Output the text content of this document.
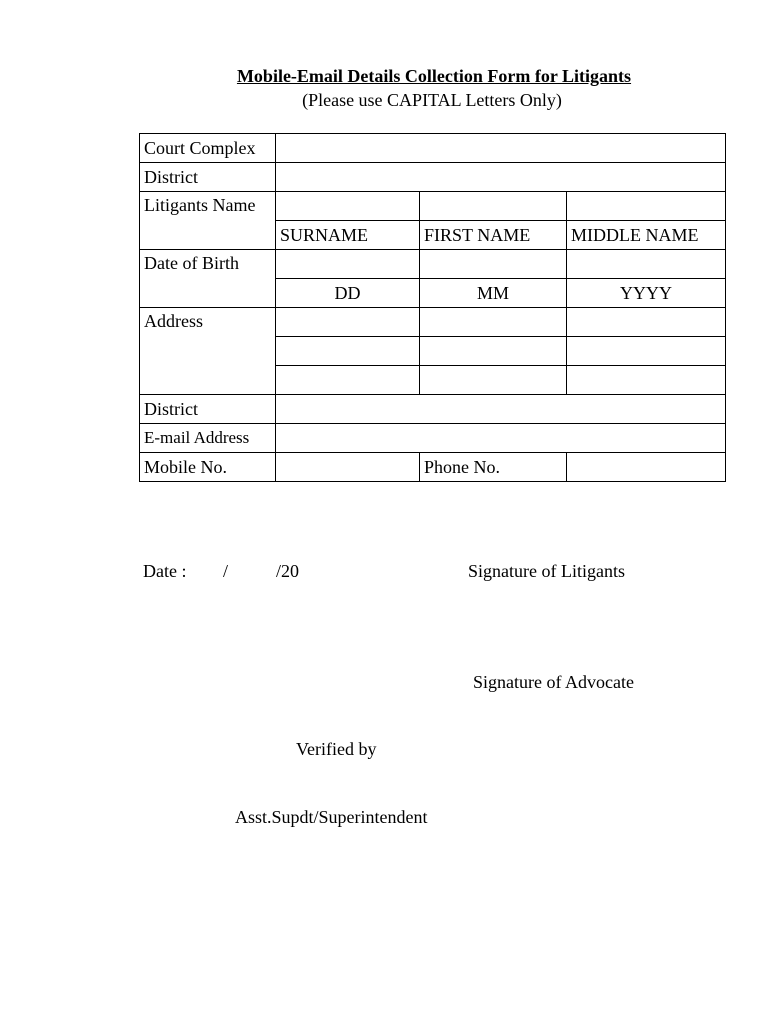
Mobile-Email Details Collection Form for Litigants
(Please use CAPITAL Letters Only)
Court Complex			
District			
Litigants Name			
	SURNAME	FIRST NAME	MIDDLE NAME
Date of Birth			
	DD	MM	YYYY
Address			

District			
E-mail Address			
Mobile No.		Phone No.	
Date : /	/20	Signature of Litigants
Signature of Advocate
Verified by
Asst.Supdt/Superintendent
